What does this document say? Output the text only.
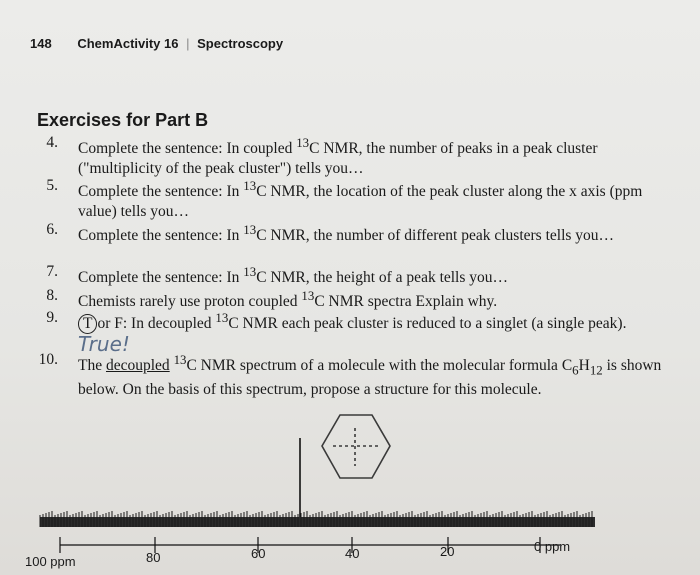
148 ChemActivity 16 | Spectroscopy
Exercises for Part B
4. Complete the sentence: In coupled $^{13}$C NMR, the number of peaks in a peak cluster ("multiplicity of the peak cluster") tells you…
5. Complete the sentence: In $^{13}$C NMR, the location of the peak cluster along the x axis (ppm value) tells you…
6. Complete the sentence: In $^{13}$C NMR, the number of different peak clusters tells you…
7. Complete the sentence: In $^{13}$C NMR, the height of a peak tells you…
8. Chemists rarely use proton coupled $^{13}$C NMR spectra Explain why.
9.	T or F: In decoupled $^{13}$C NMR each peak cluster is reduced to a singlet (a single peak). True!
10. The decoupled $^{13}$C NMR spectrum of a molecule with the molecular formula $C_6H_{12}$ is shown below. On the basis of this spectrum, propose a structure for this molecule.
100 ppm	80	60	40	20	0 ppm
